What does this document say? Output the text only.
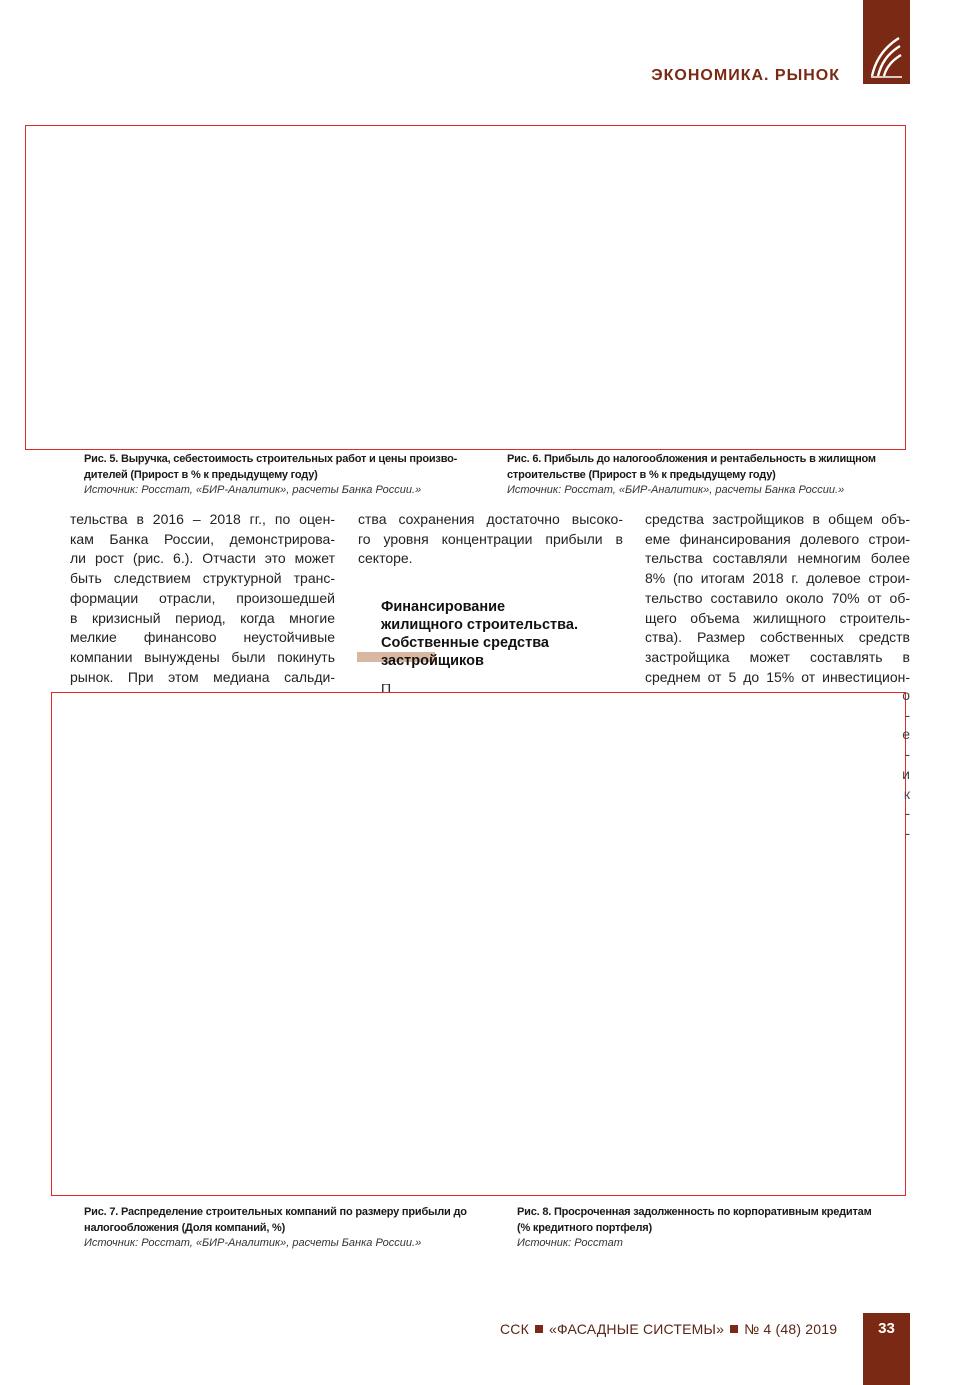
ЭКОНОМИКА. РЫНОК
Рис. 5. Выручка, себестоимость строительных работ и цены произво-
дителей (Прирост в % к предыдущему году)
Источник: Росстат, «БИР-Аналитик», расчеты Банка России.»
Рис. 6. Прибыль до налогообложения и рентабельность в жилищном
строительстве (Прирост в % к предыдущему году)
Источник: Росстат, «БИР-Аналитик», расчеты Банка России.»
тельства в 2016 – 2018 гг., по оцен-
кам Банка России, демонстрирова-
ли рост (рис. 6.). Отчасти это может
быть следствием структурной транс-
формации отрасли, произошедшей
в кризисный период, когда многие
мелкие финансово неустойчивые
компании вынуждены были покинуть
рынок. При этом медиана сальди-
ства сохранения достаточно высоко-
го уровня концентрации прибыли в
секторе.
Финансирование
жилищного строительства.
Собственные средства
застройщиков
П
средства застройщиков в общем объ-
еме финансирования долевого строи-
тельства составляли немногим более
8% (по итогам 2018 г. долевое строи-
тельство составило около 70% от об-
щего объема жилищного строитель-
ства). Размер собственных средств
застройщика может составлять в
среднем от 5 до 15% от инвестицион-
о
-
е
-
и
к
-
-
Рис. 7. Распределение строительных компаний по размеру прибыли до
налогообложения (Доля компаний, %)
Источник: Росстат, «БИР-Аналитик», расчеты Банка России.»
Рис. 8. Просроченная задолженность по корпоративным кредитам
(% кредитного портфеля)
Источник: Росстат
ССК «ФАСАДНЫЕ СИСТЕМЫ» № 4 (48) 2019	33
